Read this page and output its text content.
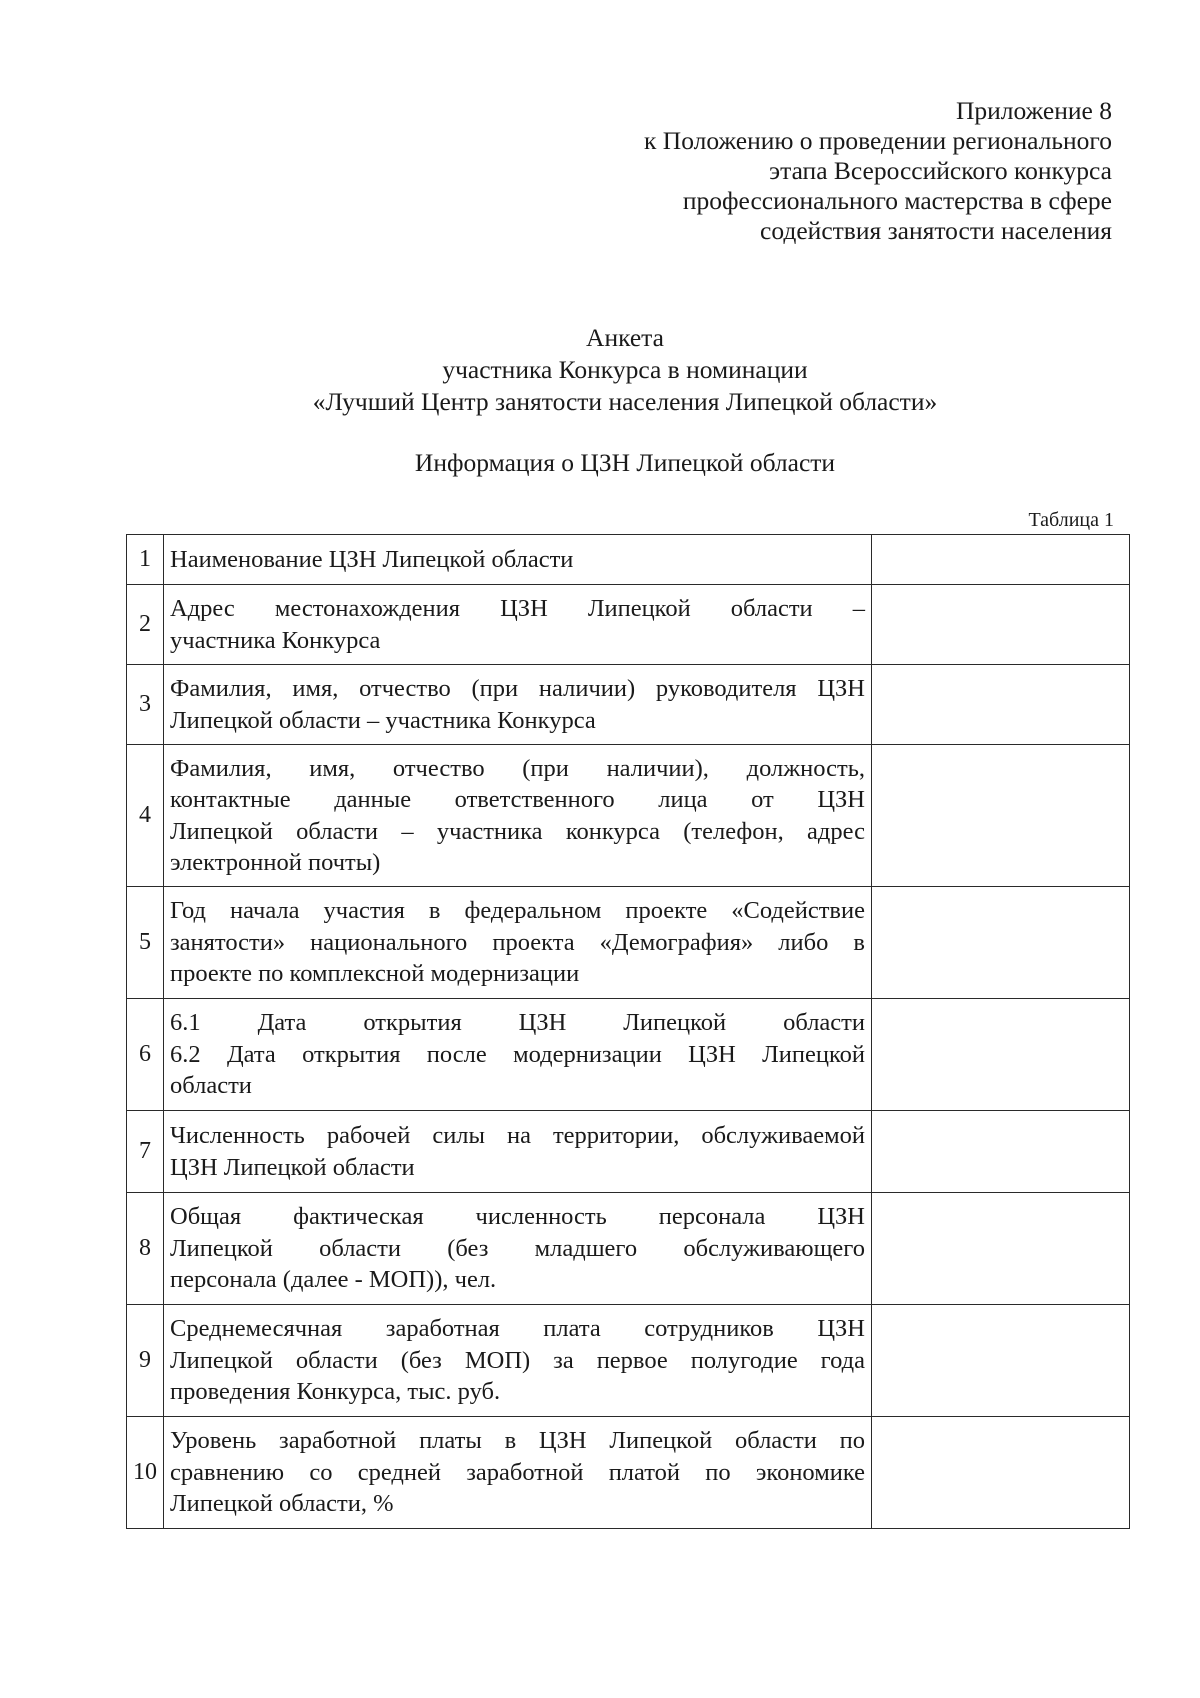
Приложение 8
к Положению о проведении регионального
этапа Всероссийского конкурса
профессионального мастерства в сфере
содействия занятости населения
Анкета
участника Конкурса в номинации
«Лучший Центр занятости населения Липецкой области»
Информация о ЦЗН Липецкой области
Таблица 1
1	Наименование ЦЗН Липецкой области	

2	Адрес местонахождения ЦЗН Липецкой области –
участника Конкурса	

3	Фамилия, имя, отчество (при наличии) руководителя ЦЗН
Липецкой области – участника Конкурса	

4	Фамилия, имя, отчество (при наличии), должность,
контактные данные ответственного лица от ЦЗН
Липецкой области – участника конкурса (телефон, адрес
электронной почты)	

5	Год начала участия в федеральном проекте «Содействие
занятости» национального проекта «Демография» либо в
проекте по комплексной модернизации	

6	6.1 Дата открытия ЦЗН Липецкой области
6.2 Дата открытия после модернизации ЦЗН Липецкой
области	

7	Численность рабочей силы на территории, обслуживаемой
ЦЗН Липецкой области	

8	Общая фактическая численность персонала ЦЗН
Липецкой области (без младшего обслуживающего
персонала (далее - МОП)), чел.	

9	Среднемесячная заработная плата сотрудников ЦЗН
Липецкой области (без МОП) за первое полугодие года
проведения Конкурса, тыс. руб.	

10	Уровень заработной платы в ЦЗН Липецкой области по
сравнению со средней заработной платой по экономике
Липецкой области, %	
